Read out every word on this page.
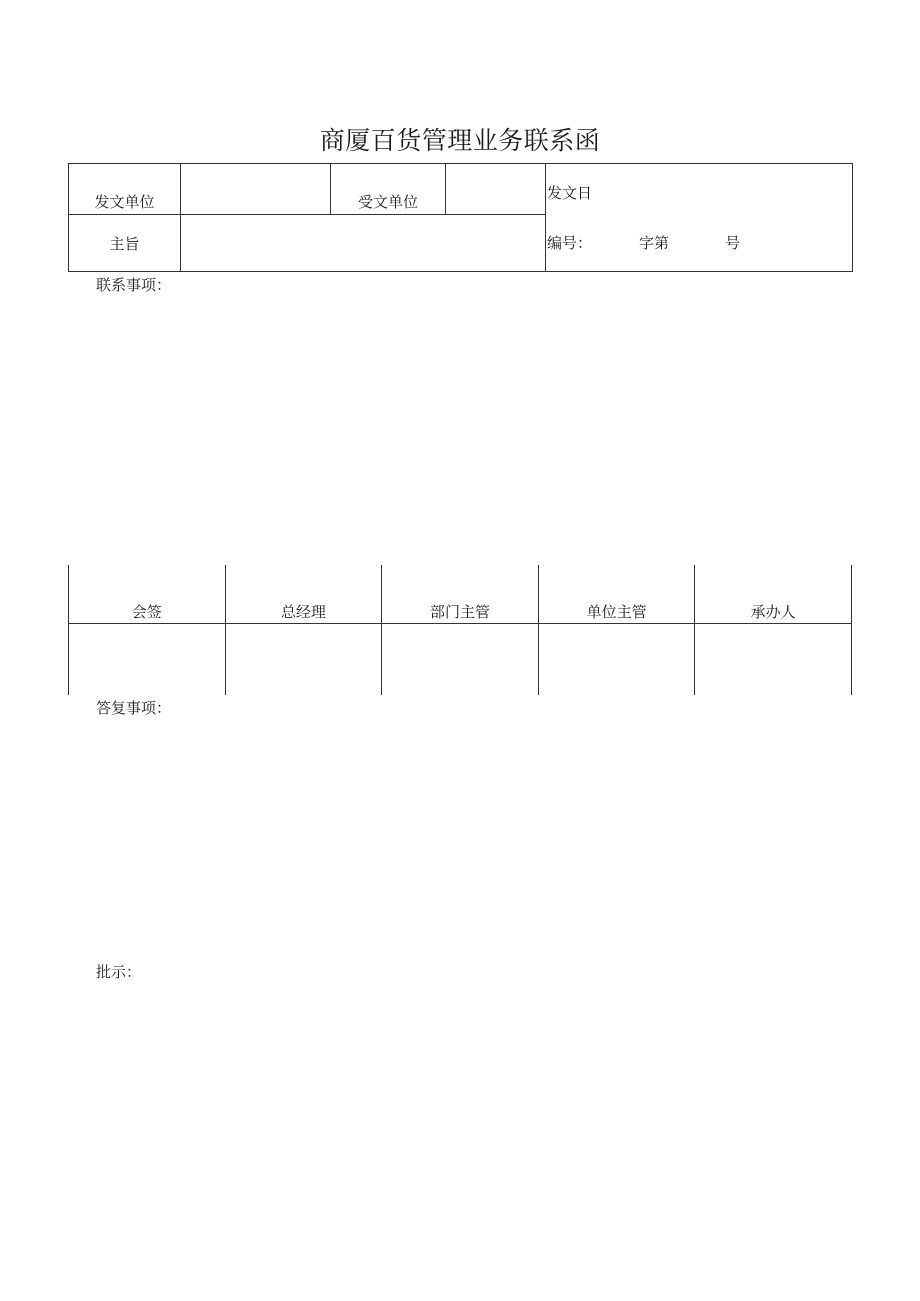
商厦百货管理业务联系函
发文单位		受文单位		发文日
主旨				编号： 字第 号
联系事项：
会签	总经理	部门主管	单位主管	承办人

答复事项：
批示：
